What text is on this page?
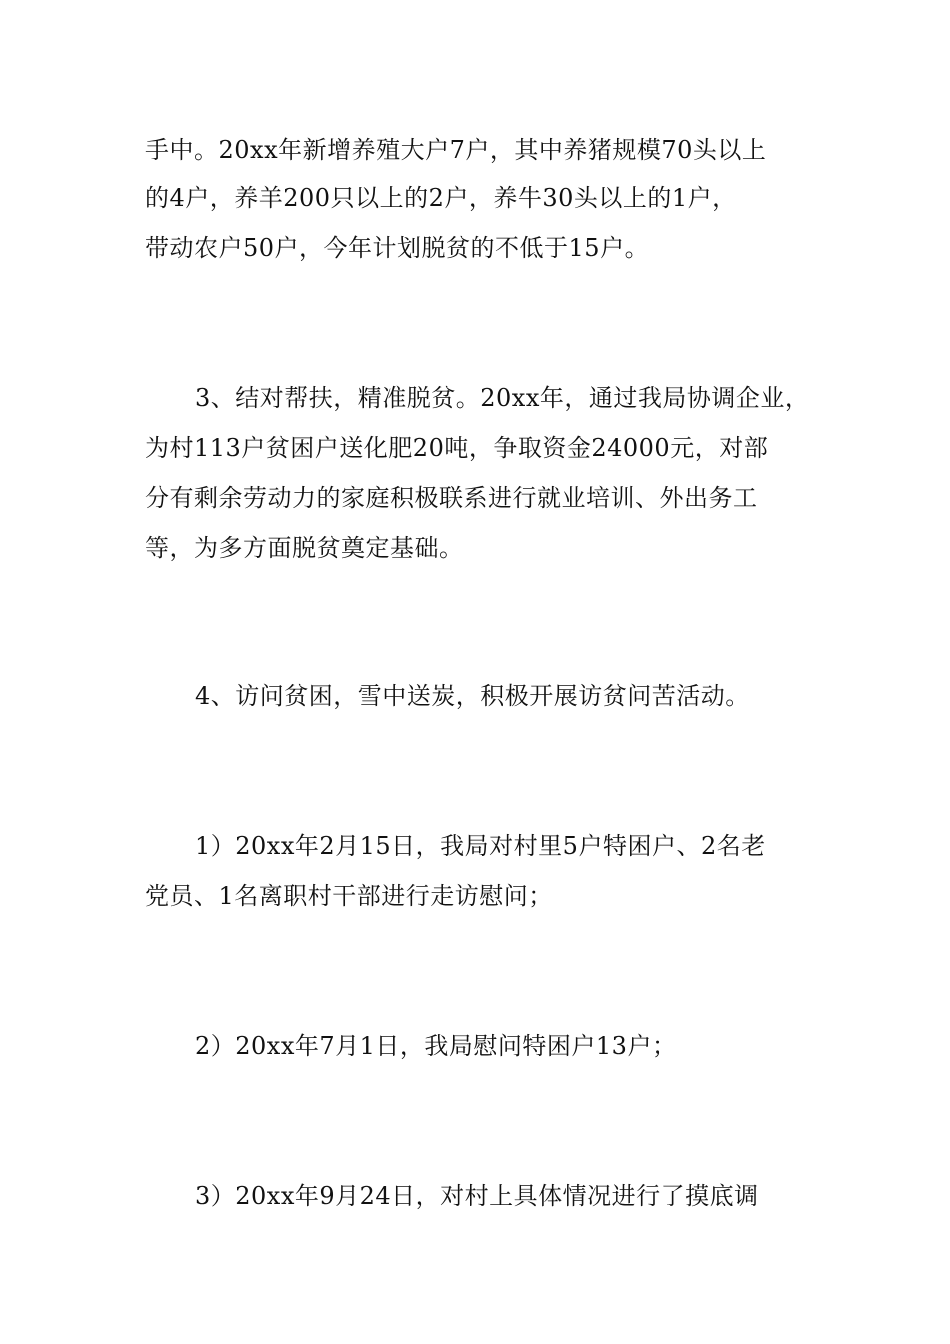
手中。20xx年新增养殖大户7户，其中养猪规模70头以上
的4户，养羊200只以上的2户，养牛30头以上的1户，
带动农户50户，今年计划脱贫的不低于15户。
3、结对帮扶，精准脱贫。20xx年，通过我局协调企业，
为村113户贫困户送化肥20吨，争取资金24000元，对部
分有剩余劳动力的家庭积极联系进行就业培训、外出务工
等，为多方面脱贫奠定基础。
4、访问贫困，雪中送炭，积极开展访贫问苦活动。
1）20xx年2月15日，我局对村里5户特困户、2名老
党员、1名离职村干部进行走访慰问；
2）20xx年7月1日，我局慰问特困户13户；
3）20xx年9月24日，对村上具体情况进行了摸底调
